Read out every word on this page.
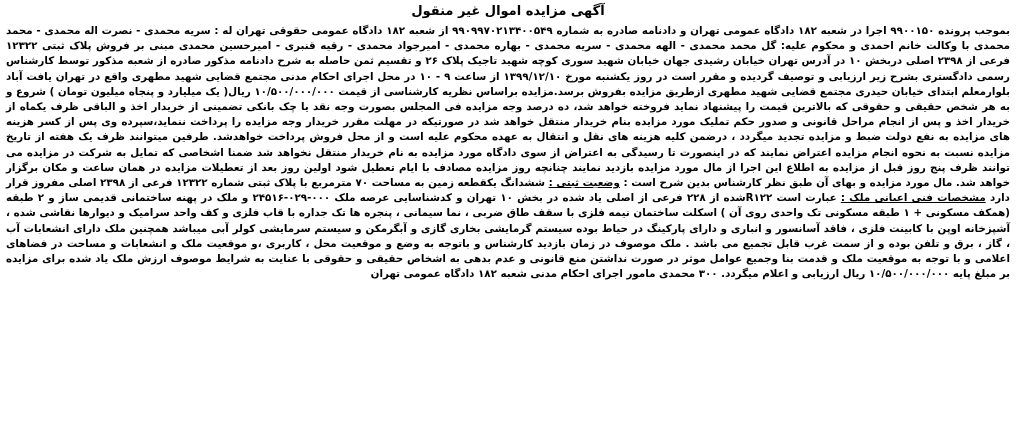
آگهی مزایده اموال غیر منقول

بموجب پرونده ۹۹۰۰۱۵۰ اجرا در شعبه ۱۸۲ دادگاه عمومی تهران و دادنامه صادره به شماره ۹۹۰۹۹۷۰۲۱۳۴۰۰۵۴۹ از شعبه ۱۸۲ دادگاه عمومی حقوقی تهران له : سریه محمدی - نصرت اله محمدی - محمد محمدی با وکالت خانم احمدی و محکوم علیه: گل محمد محمدی - الهه محمدی - سریه محمدی - بهاره محمدی - امیرجواد محمدی - رقیه قنبری - امیرحسین محمدی مبنی بر فروش پلاک ثبتی ۱۲۳۲۲ فرعی از ۲۳۹۸ اصلی دربخش ۱۰ در آدرس تهران خیابان رشیدی جهان خیابان شهید سوری کوچه شهید تاجیک پلاک ۲۶ و تقسیم ثمن حاصله به شرح دادنامه مذکور صادره از شعبه مذکور توسط کارشناس رسمی دادگستری بشرح زیر ارزیابی و توصیف گردیده و مقرر است در روز یکشنبه مورخ ۱۳۹۹/۱۲/۱۰ از ساعت ۹ - ۱۰ در محل اجرای احکام مدنی مجتمع قضایی شهید مطهری واقع در تهران یافت آباد بلوارمعلم ابتدای خیابان حیدری مجتمع قضایی شهید مطهری ازطریق مزایده بفروش برسد.مزایده براساس نظریه کارشناسی از قیمت ۱۰/۵۰۰/۰۰۰/۰۰۰ ریال( یک میلیارد و پنجاه میلیون تومان ) شروع و به هر شخص حقیقی و حقوقی که بالاترین قیمت را پیشنهاد نماید فروخته خواهد شد، ده درصد وجه مزایده فی المجلس بصورت وجه نقد یا چک بانکی تضمینی از خریدار اخذ و الباقی ظرف یکماه از خریدار اخذ و پس از انجام مراحل قانونی و صدور حکم تملیک مورد مزایده بنام خریدار منتقل خواهد شد در صورتیکه در مهلت مقرر خریدار وجه مزایده را پرداخت ننماید،سپرده وی پس از کسر هزینه های مزایده به نفع دولت ضبط و مزایده تجدید میگردد ، درضمن کلیه هزینه های نقل و انتقال به عهده محکوم علیه است و از محل فروش پرداخت خواهدشد. طرفین میتوانند ظرف یک هفته از تاریخ مزایده نسبت به نحوه انجام مزایده اعتراض نمایند که در اینصورت تا رسیدگی به اعتراض از سوی دادگاه مورد مزایده به نام خریدار منتقل نخواهد شد ضمنا اشخاصی که تمایل به شرکت در مزایده می توانند ظرف پنج روز قبل از مزایده به اطلاع این اجرا از مال مورد مزایده بازدید نمایند چنانچه روز مزایده مصادف با ایام تعطیل شود اولین روز بعد از تعطیلات مزایده در همان ساعت و مکان برگزار خواهد شد. مال مورد مزایده و بهای آن طبق نظر کارشناس بدین شرح است : وضعیت ثبتی : ششدانگ یکقطعه زمین به مساحت ۷۰ مترمربع با پلاک ثبتی شماره ۱۲۳۲۲ فرعی از ۲۳۹۸ اصلی مفروز قرار دارد مشخصات فنی اعیانی ملک : عبارت است R۱۲۲شده از ۲۲۸ فرعی از اصلی یاد شده در بخش ۱۰ تهران و کدشناسایی عرصه ملک ۰۰۰-۰۲۹-۲۴۵۱۶ و ملک در پهنه ساختمانی قدیمی ساز و ۲ طبقه (همکف مسکونی + ۱ طبقه مسکونی تک واحدی روی آن ) اسکلت ساختمان نیمه فلزی با سقف طاق ضربی ، نما سیمانی ، پنجره ها تک جداره با قاب فلزی و کف واحد سرامیک و دیوارها نقاشی شده ، آشپزخانه اوپن با کابینت فلزی ، فاقد آسانسور و انباری و دارای پارکینگ در حیاط بوده سیستم گرمایشی بخاری گازی و آبگرمکن و سیستم سرمایشی کولر آبی میباشد همچنین ملک دارای انشعابات آب ، گاز ، برق و تلفن بوده و از سمت غرب قابل تجمیع می باشد . ملک موصوف در زمان بازدید کارشناس و باتوجه به وضع و موقعیت محل ، کاربری ،و موقعیت ملک و انشعابات و مساحت در فضاهای اعلامی و با توجه به موقعیت ملک و قدمت بنا وجمیع عوامل موثر در صورت نداشتن منع قانونی و عدم بدهی به اشخاص حقیقی و حقوقی با عنایت به شرایط موصوف ارزش ملک یاد شده برای مزایده بر مبلغ پایه ۱۰/۵۰۰/۰۰۰/۰۰۰ ریال ارزیابی و اعلام میگردد. ۳۰۰ محمدی مامور اجرای احکام مدنی شعبه ۱۸۲ دادگاه عمومی تهران
